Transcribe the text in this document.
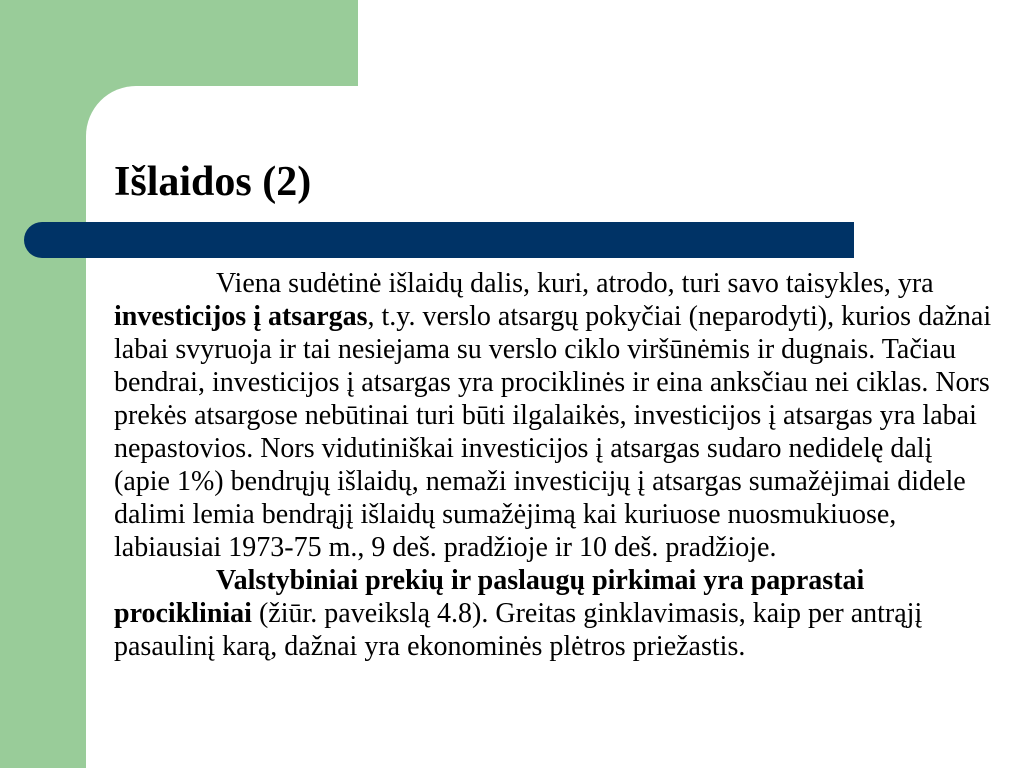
Išlaidos (2)

Viena sudėtinė išlaidų dalis, kuri, atrodo, turi savo taisykles, yra investicijos į atsargas, t.y. verslo atsargų pokyčiai (neparodyti), kurios dažnai labai svyruoja ir tai nesiejama su verslo ciklo viršūnėmis ir dugnais. Tačiau bendrai, investicijos į atsargas yra prociklinės ir eina anksčiau nei ciklas. Nors prekės atsargose nebūtinai turi būti ilgalaikės, investicijos į atsargas yra labai nepastovios. Nors vidutiniškai investicijos į atsargas sudaro nedidelę dalį (apie 1%) bendrųjų išlaidų, nemaži investicijų į atsargas sumažėjimai didele dalimi lemia bendrąjį išlaidų sumažėjimą kai kuriuose nuosmukiuose, labiausiai 1973-75 m., 9 deš. pradžioje ir 10 deš. pradžioje.

Valstybiniai prekių ir paslaugų pirkimai yra paprastai procikliniai (žiūr. paveikslą 4.8). Greitas ginklavimasis, kaip per antrąjį pasaulinį karą, dažnai yra ekonominės plėtros priežastis.
